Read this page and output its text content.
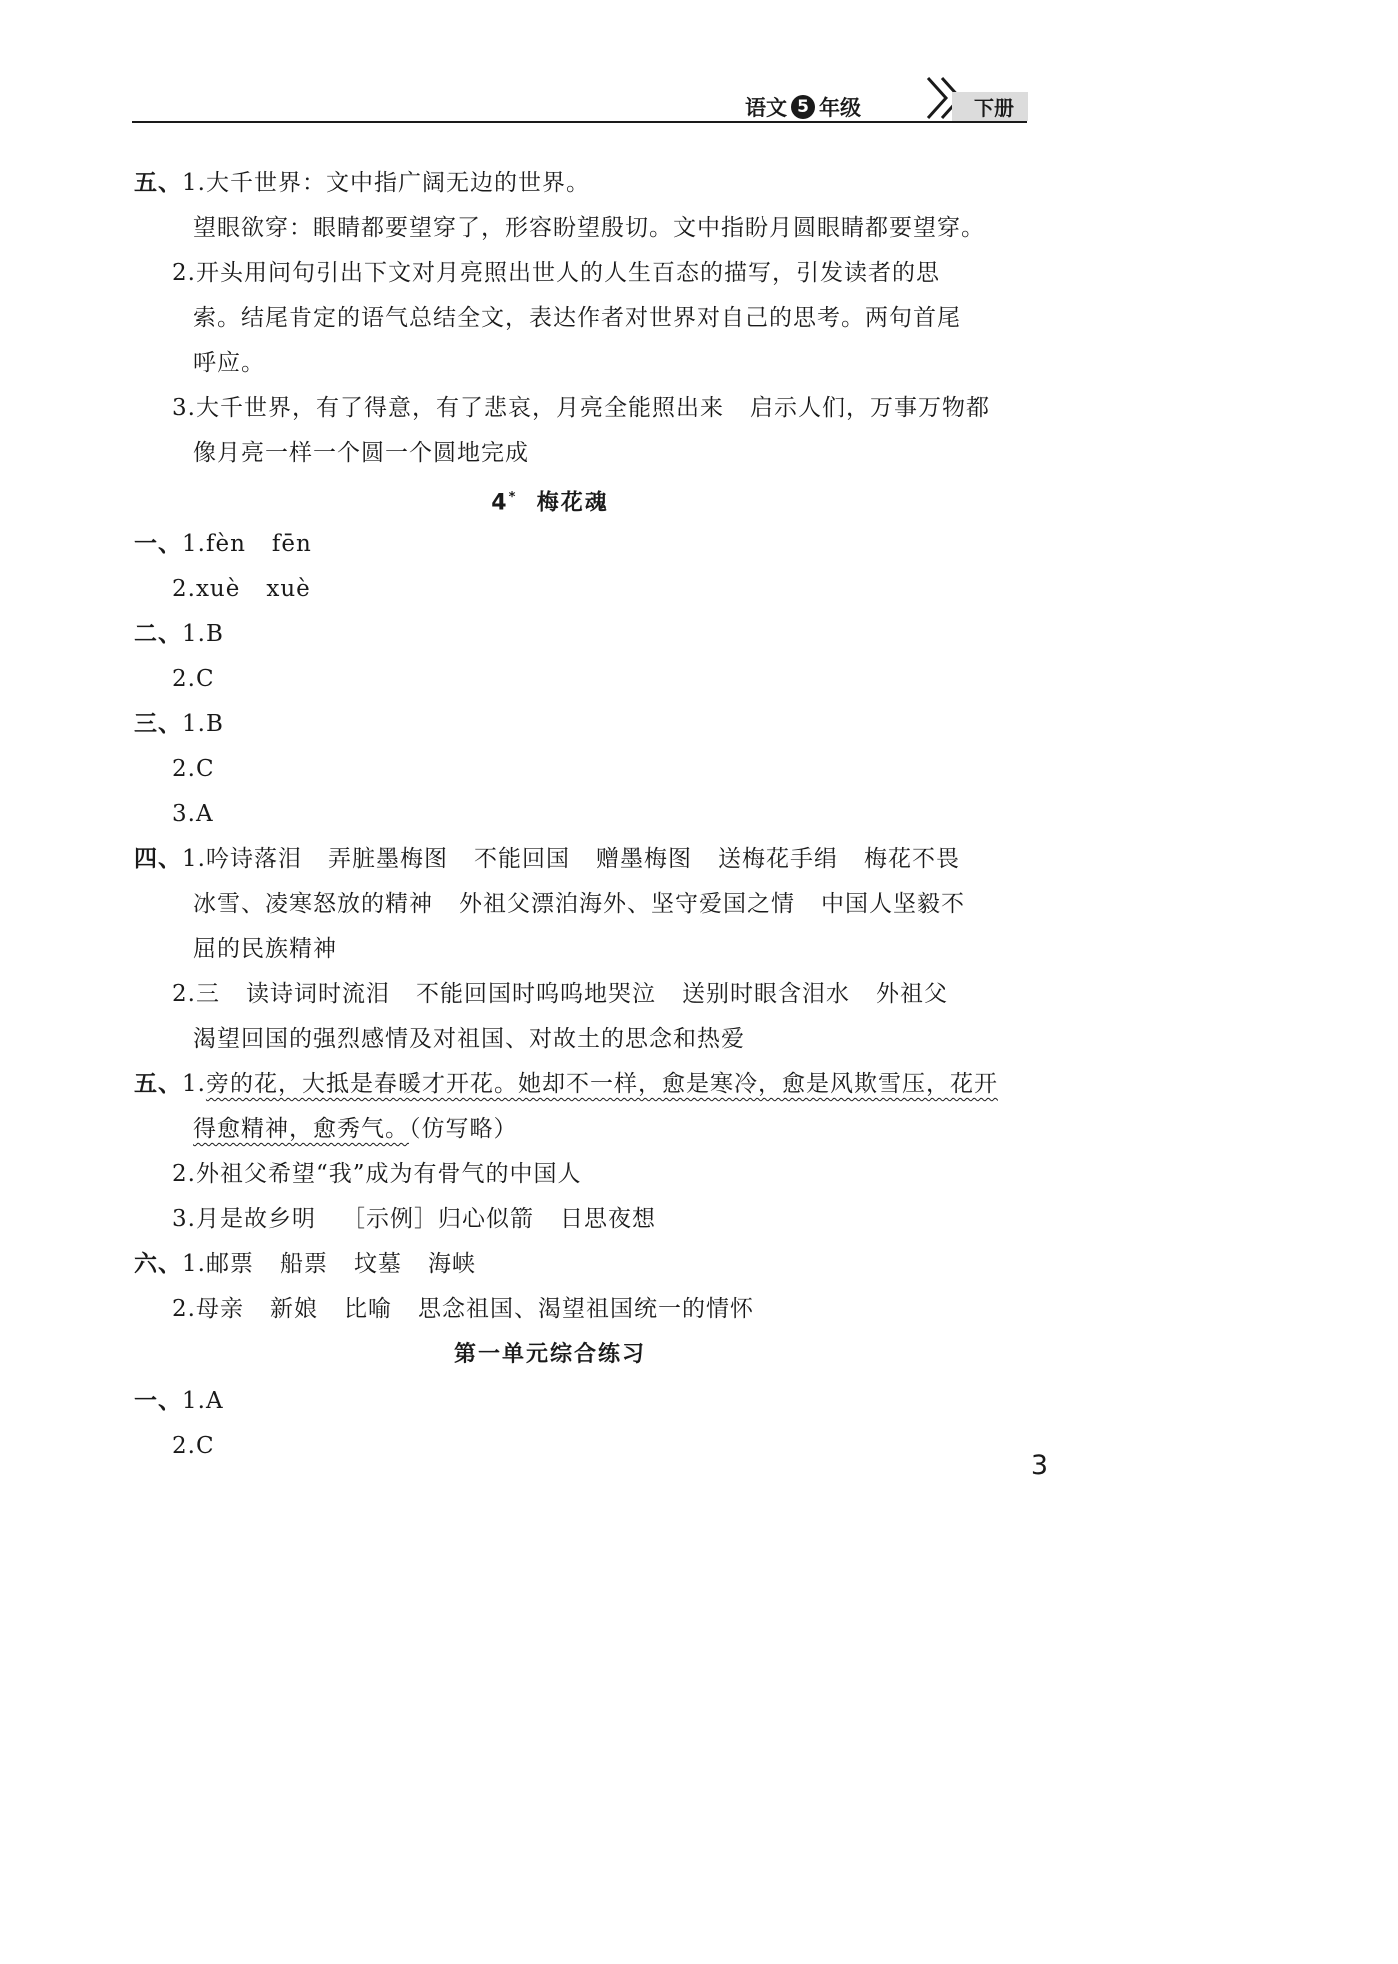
语文 5 年级	下册
五、1.大千世界：文中指广阔无边的世界。
望眼欲穿：眼睛都要望穿了，形容盼望殷切。文中指盼月圆眼睛都要望穿。
2.开头用问句引出下文对月亮照出世人的人生百态的描写，引发读者的思
索。结尾肯定的语气总结全文，表达作者对世界对自己的思考。两句首尾
呼应。
3.大千世界，有了得意，有了悲哀，月亮全能照出来 启示人们，万事万物都
像月亮一样一个圆一个圆地完成
4* 梅花魂
一、1.fèn fēn
2.xuè xuè
二、1.B
2.C
三、1.B
2.C
3.A
四、1.吟诗落泪 弄脏墨梅图 不能回国 赠墨梅图 送梅花手绢 梅花不畏
冰雪、凌寒怒放的精神 外祖父漂泊海外、坚守爱国之情 中国人坚毅不
屈的民族精神
2.三 读诗词时流泪 不能回国时呜呜地哭泣 送别时眼含泪水 外祖父
渴望回国的强烈感情及对祖国、对故土的思念和热爱
五、1.旁的花，大抵是春暖才开花。她却不一样，愈是寒冷，愈是风欺雪压，花开
得愈精神，愈秀气。（仿写略）
2.外祖父希望“我”成为有骨气的中国人
3.月是故乡明 ［示例］归心似箭 日思夜想
六、1.邮票 船票 坟墓 海峡
2.母亲 新娘 比喻 思念祖国、渴望祖国统一的情怀
第一单元综合练习
一、1.A
2.C
3
